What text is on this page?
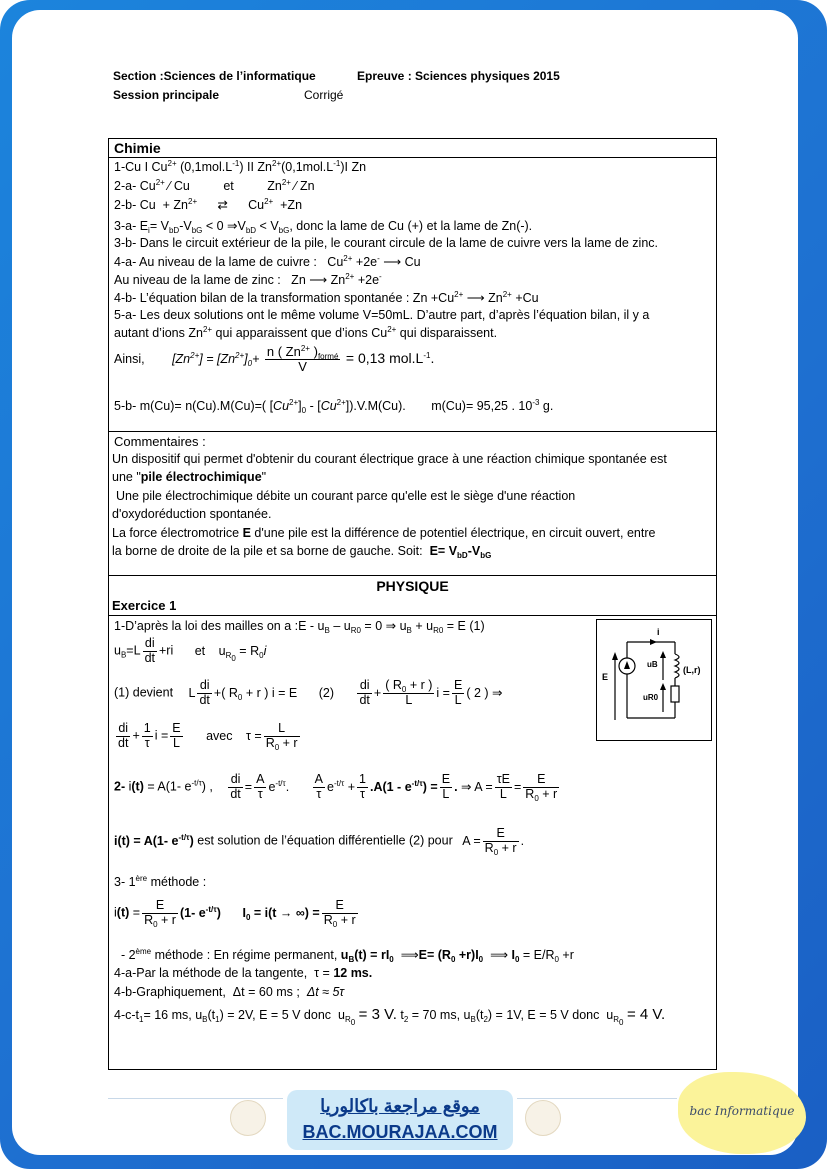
Section :Sciences de l’informatique	Epreuve : Sciences physiques 2015
Session principale	Corrigé
Chimie
1-Cu I $Cu^{2+}$ $(0,1mol.L^{-1})$ II $Zn^{2+}(0,1mol.L^{-1})I$ Zn
2-a- $Cu^{2+}$ ⁄ Cu et	$Zn^{2+}$ ⁄ Zn
2-b- $Cu + Zn^{2+}$ ⇄ $Cu^{2+} +Zn$
3-a- $E_i= V_{bD}-V_{bG} < 0$ $\Rightarrow V_{bD} < V_{bG}$, donc la lame de Cu (+) et la lame de Zn(-).
3-b- Dans le circuit extérieur de la pile, le courant circule de la lame de cuivre vers la lame de zinc.
4-a- Au niveau de la lame de cuivre :   $Cu^{2+} +2e^-$ ⟶ Cu
Au niveau de la lame de zinc :   Zn ⟶ $Zn^{2+} +2e^-$
4-b- L’équation bilan de la transformation spontanée : $Zn +Cu^{2+}$ ⟶ $Zn^{2+} +Cu$
5-a- Les deux solutions ont le même volume V=50mL. D’autre part, d’après l’équation bilan, il y a
autant d’ions $Zn^{2+}$ qui apparaissent que d’ions $Cu^{2+}$ qui disparaissent.
Ainsi, $[Zn^{2+}] = [Zn^{2+}]_0+ \frac{n ( Zn^{2+} )_{formé}}{V} = 0,13$ $mol.L^{-1}$.
5-b- m(Cu)= n(Cu).M(Cu)=( $[Cu^{2+}]_0 - [Cu^{2+}]).V.M(Cu)$. m(Cu)= 95,25 . $10^{-3}$ g.
Commentaires :
Un dispositif qui permet d'obtenir du courant électrique grace à une réaction chimique spontanée est
une "pile électrochimique"
Une pile électrochimique débite un courant parce qu'elle est le siège d'une réaction
d'oxydoréduction spontanée.
La force électromotrice E d'une pile est la différence de potentiel électrique, en circuit ouvert, entre
la borne de droite de la pile et sa borne de gauche. Soit: $E= V_{bD}-V_{bG}$
PHYSIQUE
Exercice 1
1-D’après la loi des mailles on a :E - $u_B - u_{R0} = 0$ ⇒ $u_B + u_{R0} = E$ (1)
$u_B=L \frac{di}{dt} +ri$ et $u_{R_0} = R_0i$
(1) devient L $\frac{di}{dt}$ +( $R_0 + r$ ) i = E $(2) \frac{di}{dt} + \frac{( R_0 + r )}{L}$ $i = \frac{E}{L}$ ( 2 ) ⇒
$\frac{di}{dt} + \frac{1}{\tau}$ $i = \frac{E}{L}$ avec $\tau = \frac{L}{R_0 + r}$
2- i(t) = A(1- $e^{-t/\tau}$) , $\frac{di}{dt} = \frac{A}{\tau} e^{-t/\tau}$. $\frac{A}{\tau} e^{-t/\tau} + \frac{1}{\tau} .A(1 - e^{-t/\tau}) = \frac{E}{L}$ . ⇒ $A = \frac{\tau E}{L} = \frac{E}{R_0 + r}$
i(t) = A(1- $e^{-t/\tau}$) est solution de l’équation différentielle (2) pour $A = \frac{E}{R_0 + r}$ .
3- 1ère méthode :
$i(t) = \frac{E}{R_0 + r} (1-$ $e^{-t/\tau}$) $I_0 = i(t$ → ∞) = $\frac{E}{R_0 + r}$
- 2ème méthode : En régime permanent, $u_B(t) = rI_0$  ⟹E= $(R_0 +r)I_0$  ⟹ $I_0 = E/R_0 +r$
4-a-Par la méthode de la tangente,  τ = 12 ms.
4-b-Graphiquement,  Δt = 60 ms ;  Δt ≈ 5τ
$4-c-t_1= 16$ ms, $u_B(t_1) = 2V$, E = 5 V donc  $u_{R_0} = 3$ V. $t_2 = 70$ ms, $u_B(t_2) = 1V$, E = 5 V donc  $u_{R_0} = 4$ V.
i
E
uB
uR0
(L,r)
موقع مراجعة باكالوريا
BAC.MOURAJAA.COM
bac Informatique
